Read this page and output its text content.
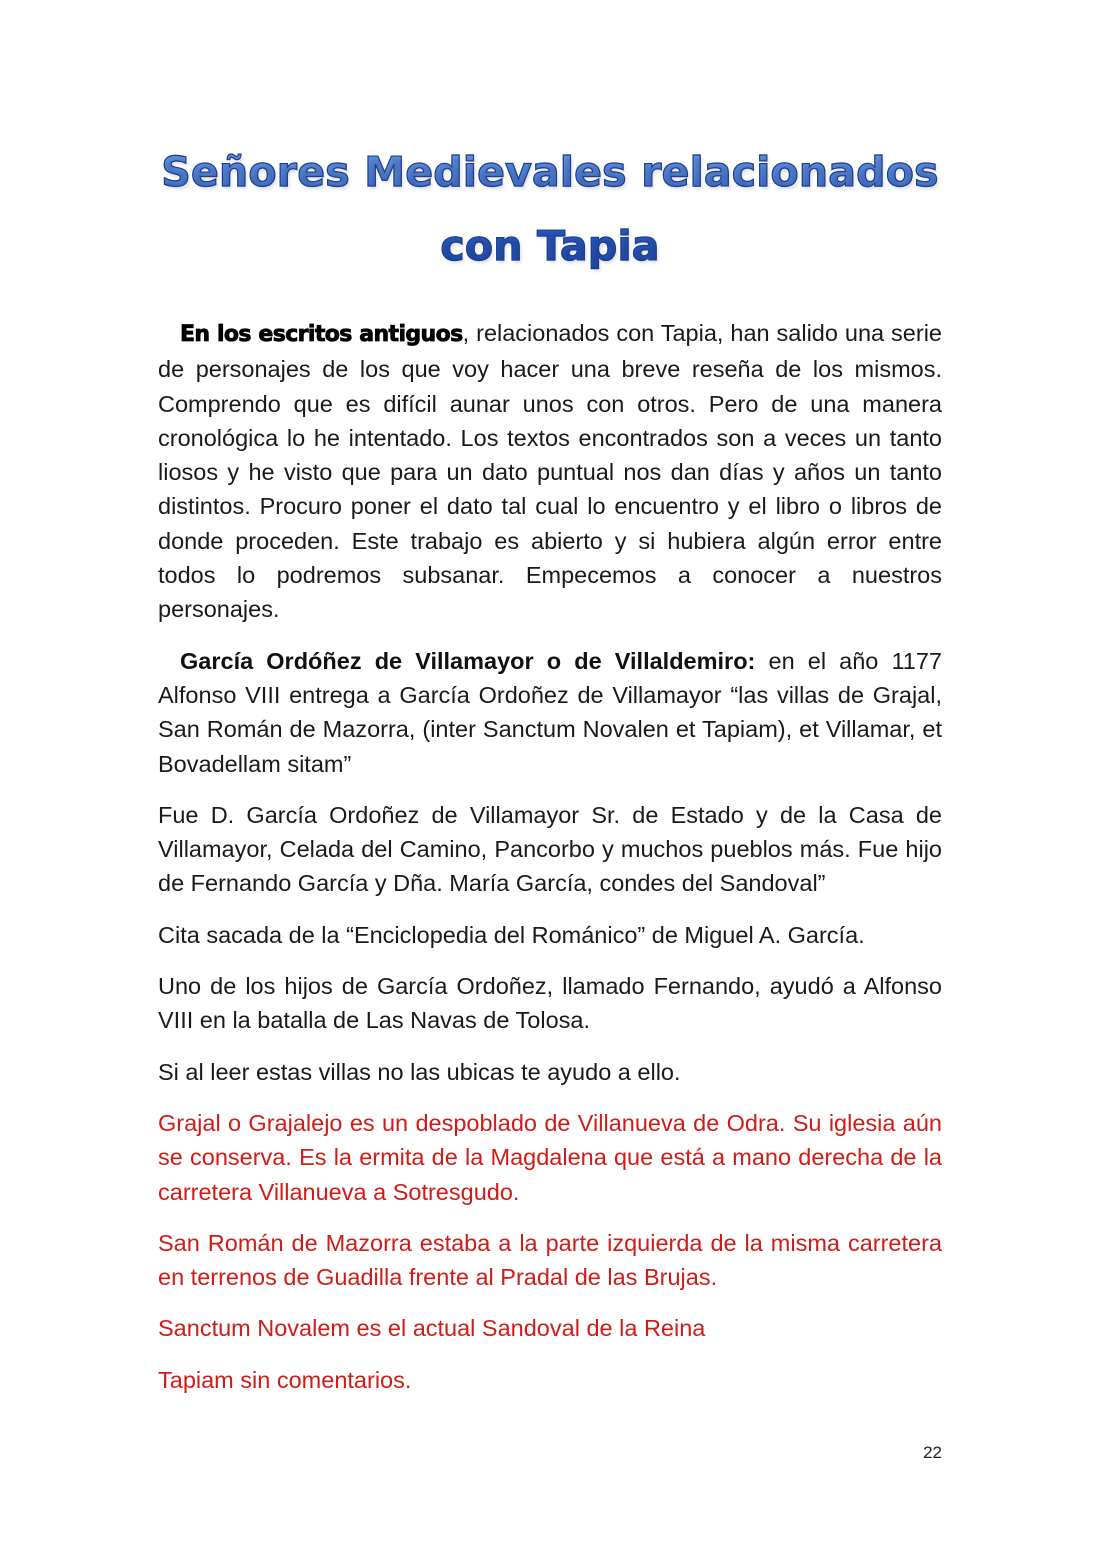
Señores Medievales relacionados
con Tapia

En los escritos antiguos, relacionados con Tapia, han salido una serie de personajes de los que voy hacer una breve reseña de los mismos. Comprendo que es difícil aunar unos con otros. Pero de una manera cronológica lo he intentado. Los textos encontrados son a veces un tanto liosos y he visto que para un dato puntual nos dan días y años un tanto distintos. Procuro poner el dato tal cual lo encuentro y el libro o libros de donde proceden. Este trabajo es abierto y si hubiera algún error entre todos lo podremos subsanar. Empecemos a conocer a nuestros personajes.

García Ordóñez de Villamayor o de Villaldemiro: en el año 1177 Alfonso VIII entrega a García Ordoñez de Villamayor “las villas de Grajal, San Román de Mazorra, (inter Sanctum Novalen et Tapiam), et Villamar, et Bovadellam sitam”

Fue D. García Ordoñez de Villamayor Sr. de Estado y de la Casa de Villamayor, Celada del Camino, Pancorbo y muchos pueblos más. Fue hijo de Fernando García y Dña. María García, condes del Sandoval”

Cita sacada de la “Enciclopedia del Románico” de Miguel A. García.

Uno de los hijos de García Ordoñez, llamado Fernando, ayudó a Alfonso VIII en la batalla de Las Navas de Tolosa.

Si al leer estas villas no las ubicas te ayudo a ello.

Grajal o Grajalejo es un despoblado de Villanueva de Odra. Su iglesia aún se conserva. Es la ermita de la Magdalena que está a mano derecha de la carretera Villanueva a Sotresgudo.

San Román de Mazorra estaba a la parte izquierda de la misma carretera en terrenos de Guadilla frente al Pradal de las Brujas.

Sanctum Novalem es el actual Sandoval de la Reina

Tapiam sin comentarios.

22
